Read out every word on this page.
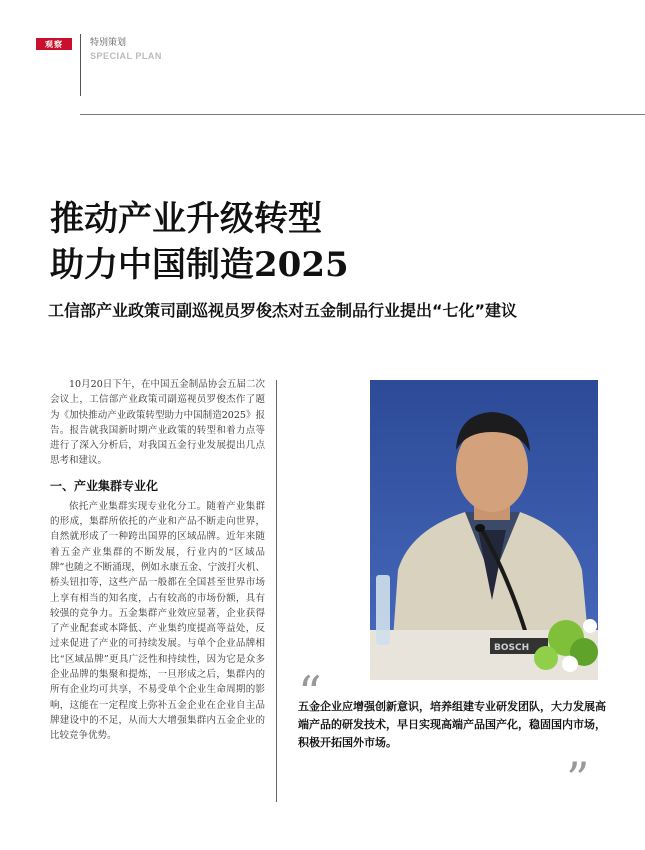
观察	特别策划
SPECIAL PLAN
推动产业升级转型
助力中国制造2025

工信部产业政策司副巡视员罗俊杰对五金制品行业提出“七化”建议

10月20日下午，在中国五金制品协会五届二次会议上，工信部产业政策司副巡视员罗俊杰作了题为《加快推动产业政策转型助力中国制造2025》报告。报告就我国新时期产业政策的转型和着力点等进行了深入分析后，对我国五金行业发展提出几点思考和建议。

一、产业集群专业化

依托产业集群实现专业化分工。随着产业集群的形成，集群所依托的产业和产品不断走向世界，自然就形成了一种跨出国界的区域品牌。近年来随着五金产业集群的不断发展，行业内的“区域品牌”也随之不断涌现，例如永康五金、宁波打火机、桥头钮扣等，这些产品一般都在全国甚至世界市场上享有相当的知名度，占有较高的市场份额，具有较强的竞争力。五金集群产业效应显著，企业获得了产业配套或本降低、产业集约度提高等益处，反过来促进了产业的可持续发展。与单个企业品牌相比“区域品牌”更具广泛性和持续性，因为它是众多企业品牌的集聚和提炼，一旦形成之后，集群内的所有企业均可共享，不易受单个企业生命周期的影响，这能在一定程度上弥补五金企业在企业自主品牌建设中的不足，从而大大增强集群内五金企业的比较竞争优势。

BOSCH
“

五金企业应增强创新意识，培养组建专业研发团队，大力发展高端产品的研发技术，早日实现高端产品国产化，稳固国内市场，积极开拓国外市场。

”
